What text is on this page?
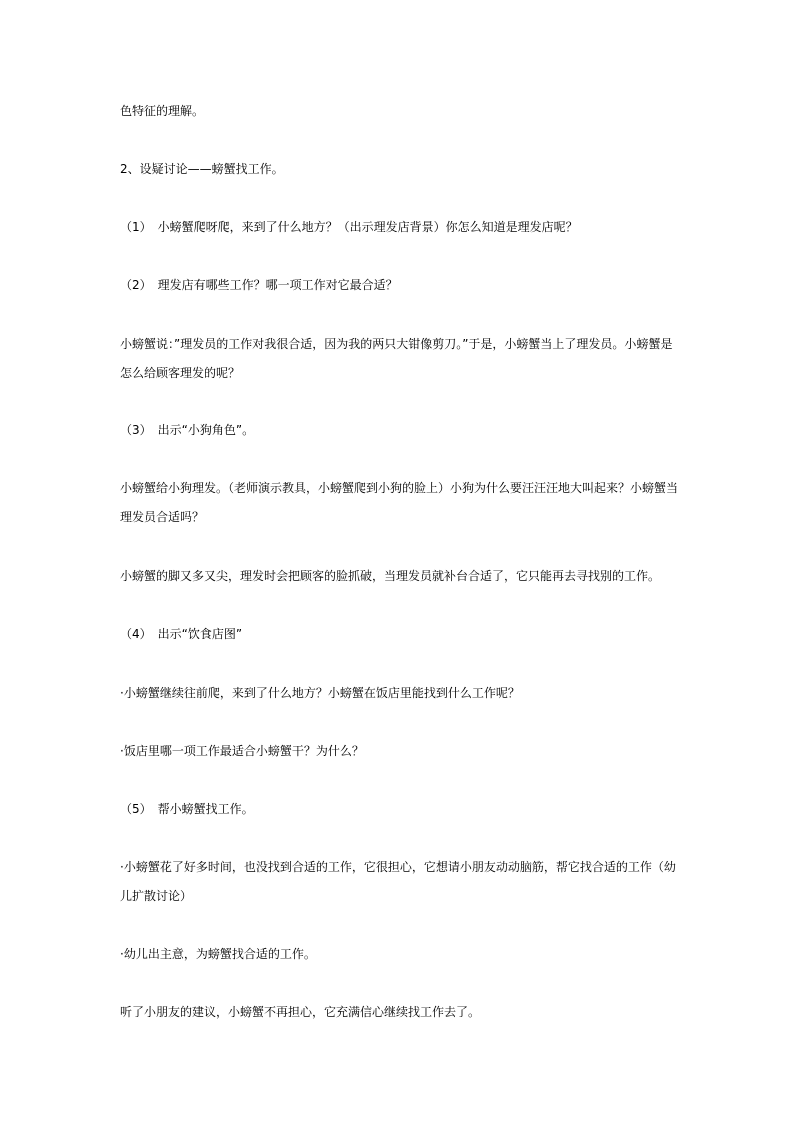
色特征的理解。

2、设疑讨论——螃蟹找工作。

（1）　小螃蟹爬呀爬，来到了什么地方？（出示理发店背景）你怎么知道是理发店呢？

（2）　理发店有哪些工作？哪一项工作对它最合适？

小螃蟹说：”理发员的工作对我很合适，因为我的两只大钳像剪刀。”于是，小螃蟹当上了理发员。小螃蟹是怎么给顾客理发的呢？

（3）　出示“小狗角色”。

小螃蟹给小狗理发。（老师演示教具，小螃蟹爬到小狗的脸上）小狗为什么要汪汪汪地大叫起来？小螃蟹当理发员合适吗？

小螃蟹的脚又多又尖，理发时会把顾客的脸抓破，当理发员就补台合适了，它只能再去寻找别的工作。

（4）　出示“饮食店图”

·小螃蟹继续往前爬，来到了什么地方？小螃蟹在饭店里能找到什么工作呢？

·饭店里哪一项工作最适合小螃蟹干？为什么？

（5）　帮小螃蟹找工作。

·小螃蟹花了好多时间，也没找到合适的工作，它很担心，它想请小朋友动动脑筋，帮它找合适的工作（幼儿扩散讨论）

·幼儿出主意，为螃蟹找合适的工作。

听了小朋友的建议，小螃蟹不再担心，它充满信心继续找工作去了。
